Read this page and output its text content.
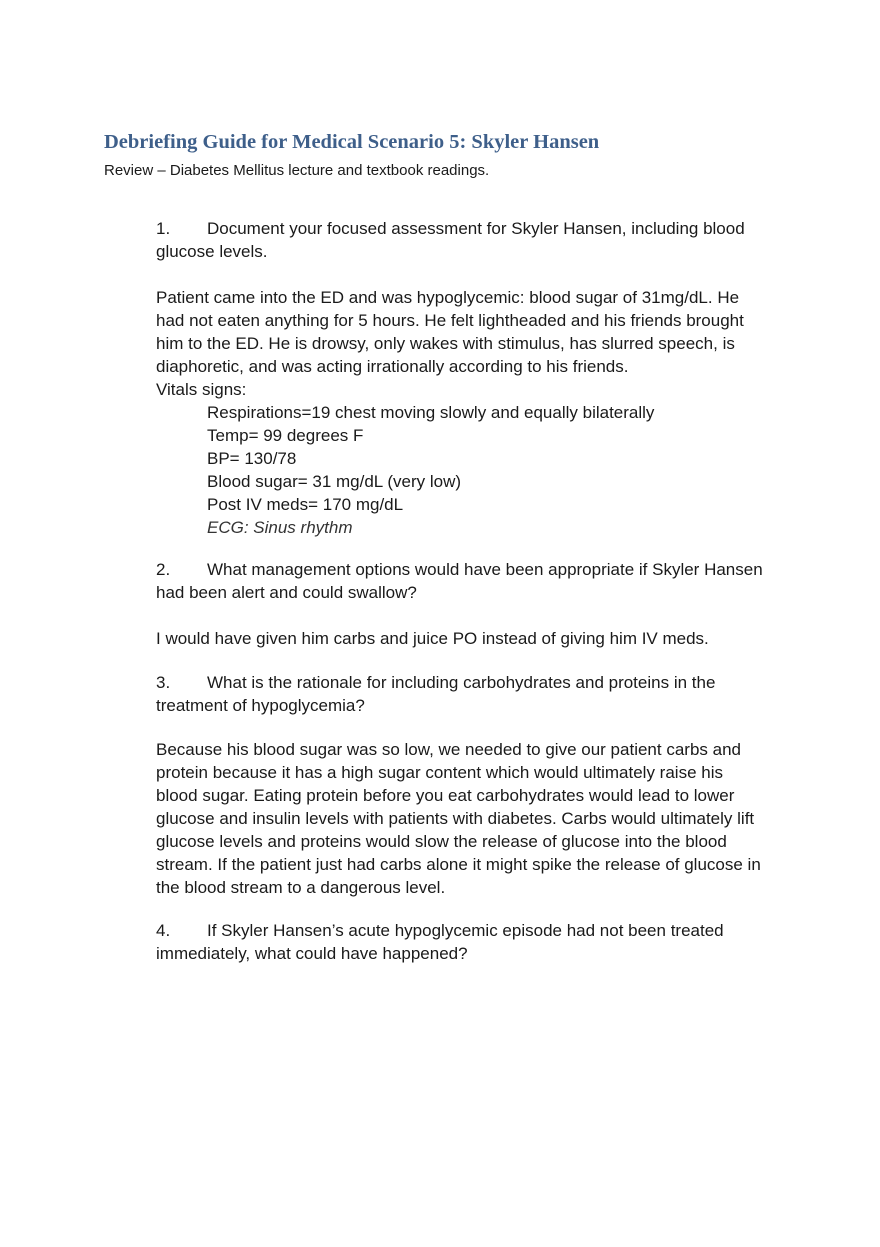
Debriefing Guide for Medical Scenario 5: Skyler Hansen
Review – Diabetes Mellitus lecture and textbook readings.
1. Document your focused assessment for Skyler Hansen, including blood
glucose levels.
Patient came into the ED and was hypoglycemic: blood sugar of 31mg/dL. He
had not eaten anything for 5 hours. He felt lightheaded and his friends brought
him to the ED. He is drowsy, only wakes with stimulus, has slurred speech, is
diaphoretic, and was acting irrationally according to his friends.
Vitals signs:
Respirations=19 chest moving slowly and equally bilaterally
Temp= 99 degrees F
BP= 130/78
Blood sugar= 31 mg/dL (very low)
Post IV meds= 170 mg/dL
ECG: Sinus rhythm
2. What management options would have been appropriate if Skyler Hansen
had been alert and could swallow?
I would have given him carbs and juice PO instead of giving him IV meds.
3. What is the rationale for including carbohydrates and proteins in the
treatment of hypoglycemia?
Because his blood sugar was so low, we needed to give our patient carbs and
protein because it has a high sugar content which would ultimately raise his
blood sugar. Eating protein before you eat carbohydrates would lead to lower
glucose and insulin levels with patients with diabetes. Carbs would ultimately lift
glucose levels and proteins would slow the release of glucose into the blood
stream. If the patient just had carbs alone it might spike the release of glucose in
the blood stream to a dangerous level.
4. If Skyler Hansen’s acute hypoglycemic episode had not been treated
immediately, what could have happened?
